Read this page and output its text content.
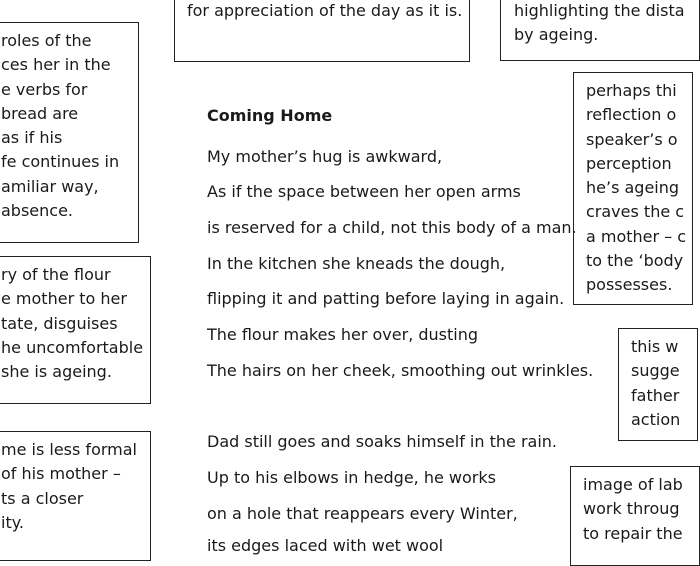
for appreciation of the day as it is.	highlighting the dista
by ageing.
roles of the
ces her in the
e verbs for
bread are
as if his
fe continues in
amiliar way,
absence.
ry of the flour
e mother to her
tate, disguises
he uncomfortable
she is ageing.
me is less formal
of his mother –
ts a closer
ity.
perhaps thi
reflection o
speaker’s o
perception
he’s ageing
craves the c
a mother – c
to the ‘body
possesses.
this w
sugge
father
action
image of lab
work throug
to repair the
Coming Home
My mother’s hug is awkward,
As if the space between her open arms
is reserved for a child, not this body of a man.
In the kitchen she kneads the dough,
flipping it and patting before laying in again.
The flour makes her over, dusting
The hairs on her cheek, smoothing out wrinkles.
Dad still goes and soaks himself in the rain.
Up to his elbows in hedge, he works
on a hole that reappears every Winter,
its edges laced with wet wool
